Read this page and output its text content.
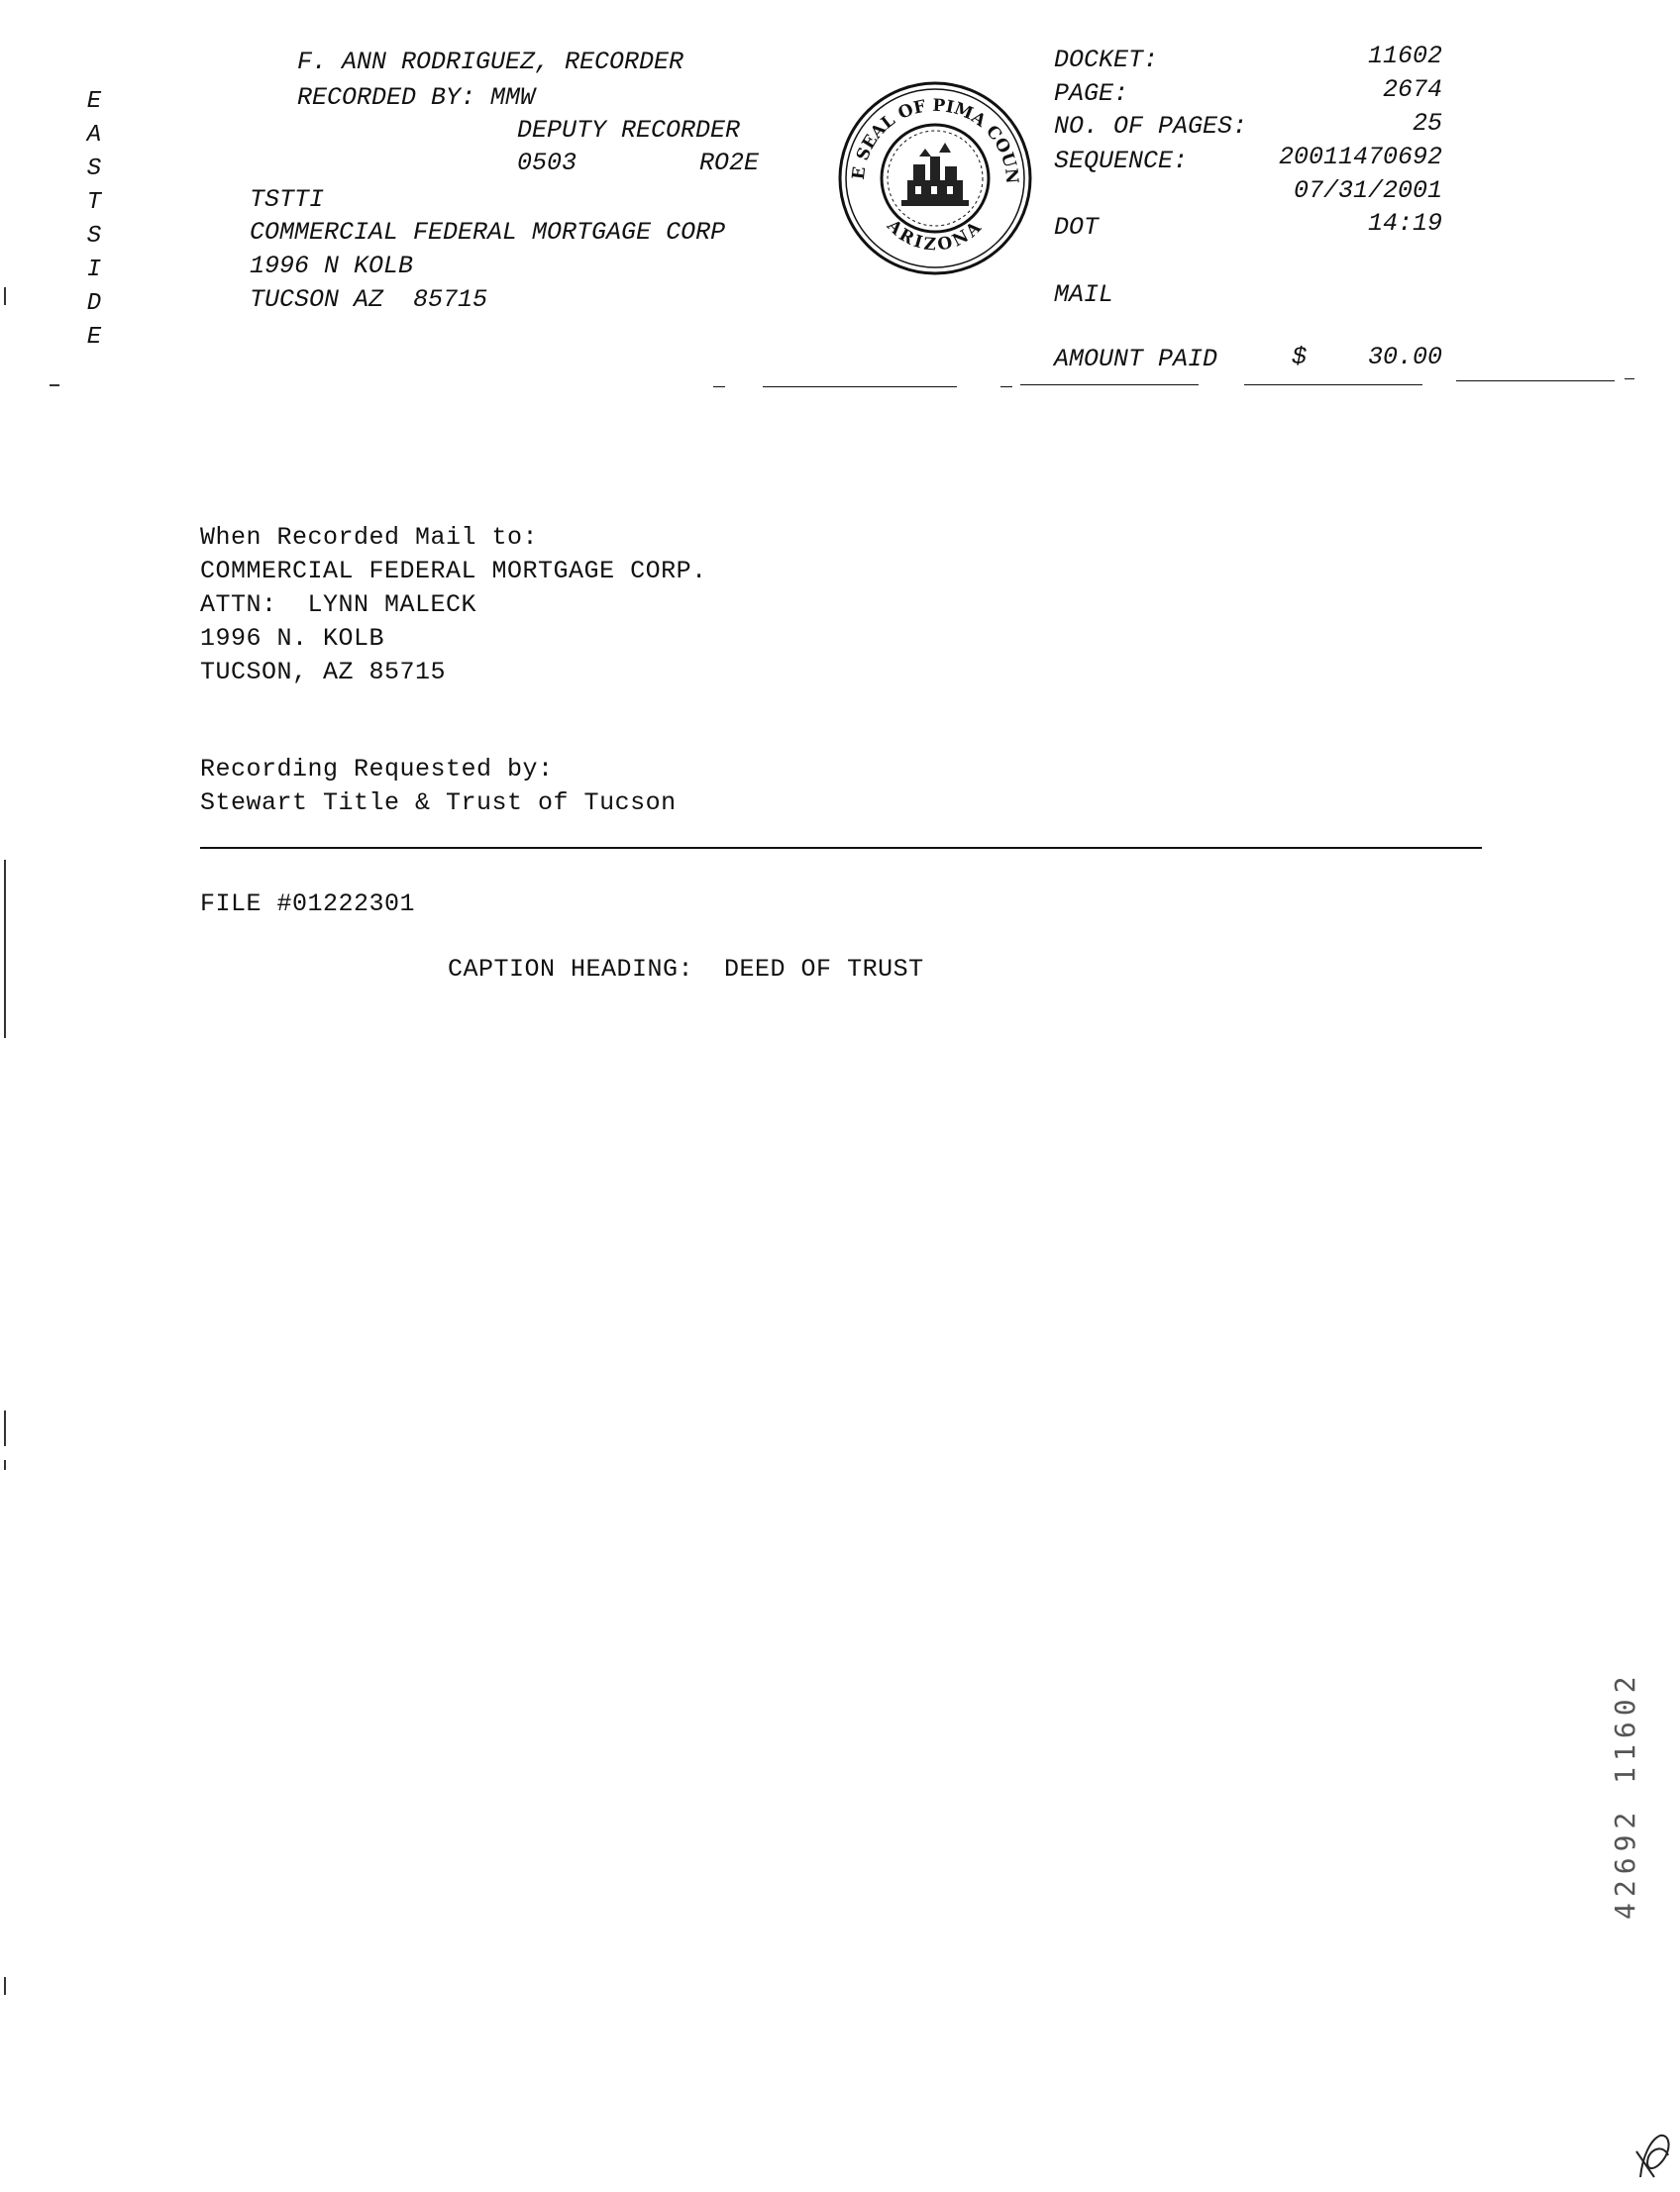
E
A
S
T
S
I
D
E
F. ANN RODRIGUEZ, RECORDER
RECORDED BY: MMW
DEPUTY RECORDER
0503	RO2E
TSTTI
COMMERCIAL FEDERAL MORTGAGE CORP
1996 N KOLB
TUCSON AZ  85715

E SEAL OF PIMA COUN
ARIZONA

DOCKET:	11602
PAGE:	2674
NO. OF PAGES:	25
SEQUENCE:	20011470692
07/31/2001
DOT	14:19
MAIL
AMOUNT PAID	$	30.00
When Recorded Mail to:
COMMERCIAL FEDERAL MORTGAGE CORP.
ATTN:  LYNN MALECK
1996 N. KOLB
TUCSON, AZ 85715
Recording Requested by:
Stewart Title & Trust of Tucson
FILE #01222301
CAPTION HEADING:  DEED OF TRUST
42692 11602
